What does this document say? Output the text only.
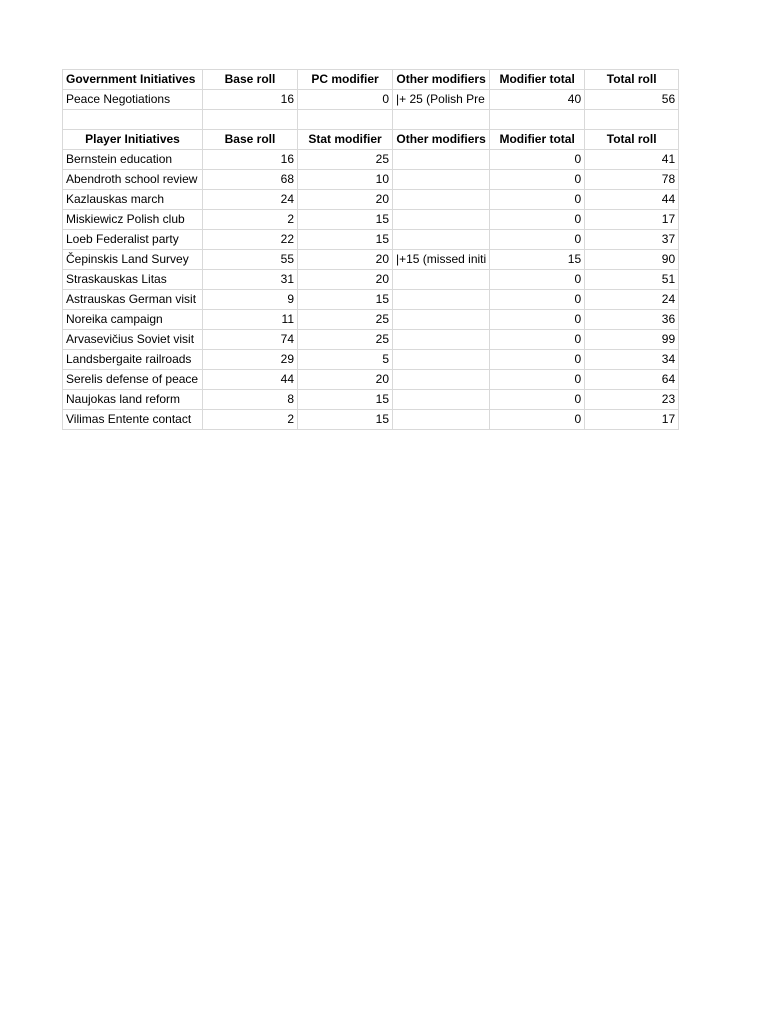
Government Initiatives	Base roll	PC modifier	Other modifiers	Modifier total	Total roll
Peace Negotiations	16	0	|+ 25 (Polish Pre	40	56

Player Initiatives	Base roll	Stat modifier	Other modifiers	Modifier total	Total roll
Bernstein education	16	25		0	41
Abendroth school review	68	10		0	78
Kazlauskas march	24	20		0	44
Miskiewicz Polish club	2	15		0	17
Loeb Federalist party	22	15		0	37
Čepinskis Land Survey	55	20	|+15 (missed initi	15	90
Straskauskas Litas	31	20		0	51
Astrauskas German visit	9	15		0	24
Noreika campaign	11	25		0	36
Arvasevičius Soviet visit	74	25		0	99
Landsbergaite railroads	29	5		0	34
Serelis defense of peace	44	20		0	64
Naujokas land reform	8	15		0	23
Vilimas Entente contact	2	15		0	17
